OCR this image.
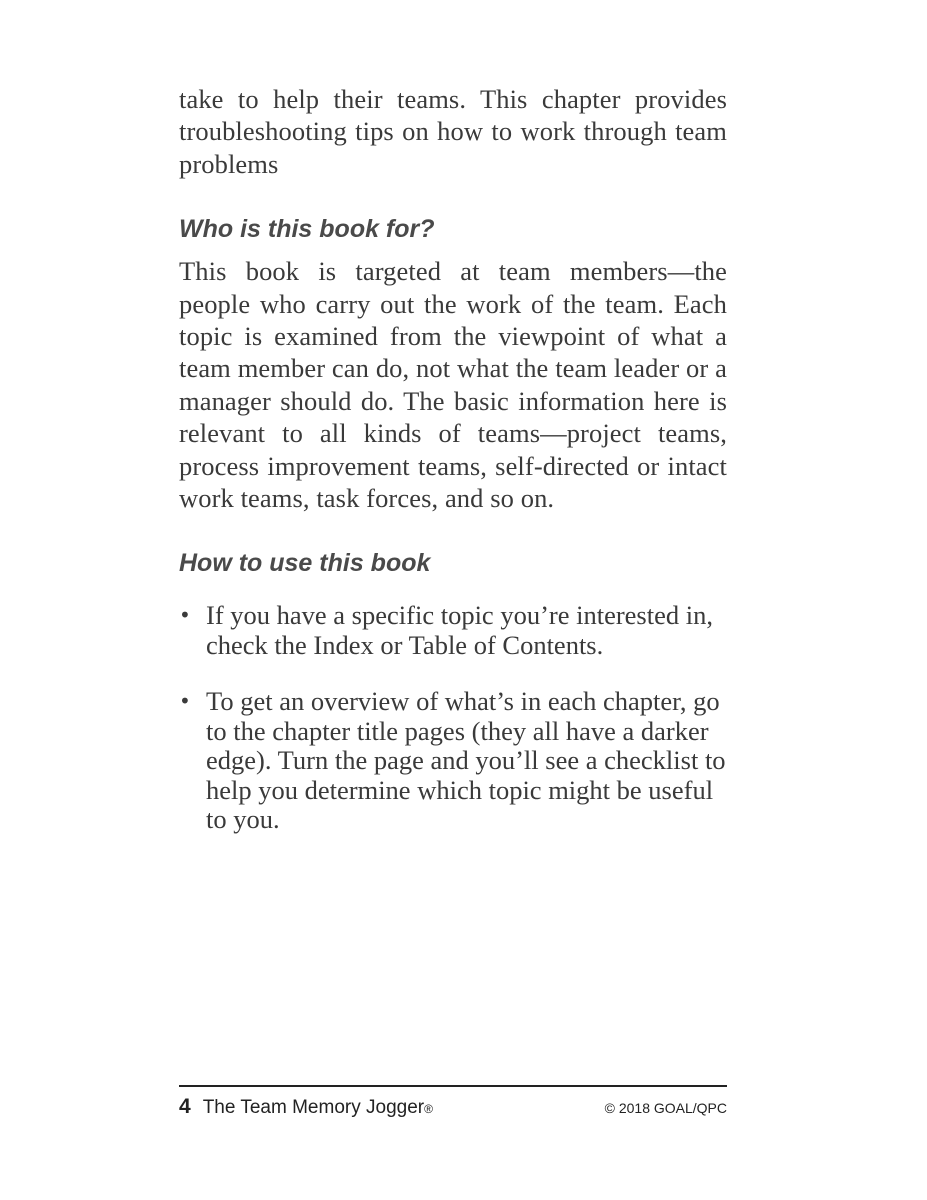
take to help their teams. This chapter provides troubleshooting tips on how to work through team problems

Who is this book for?

This book is targeted at team members—the people who carry out the work of the team. Each topic is examined from the viewpoint of what a team member can do, not what the team leader or a manager should do. The basic information here is relevant to all kinds of teams—project teams, process improvement teams, self-directed or intact work teams, task forces, and so on.

How to use this book
• If you have a specific topic you’re interested in, check the Index or Table of Contents.
• To get an overview of what’s in each chapter, go to the chapter title pages (they all have a darker edge). Turn the page and you’ll see a checklist to help you determine which topic might be useful to you.
4 The Team Memory Jogger ®	© 2018 GOAL/QPC
